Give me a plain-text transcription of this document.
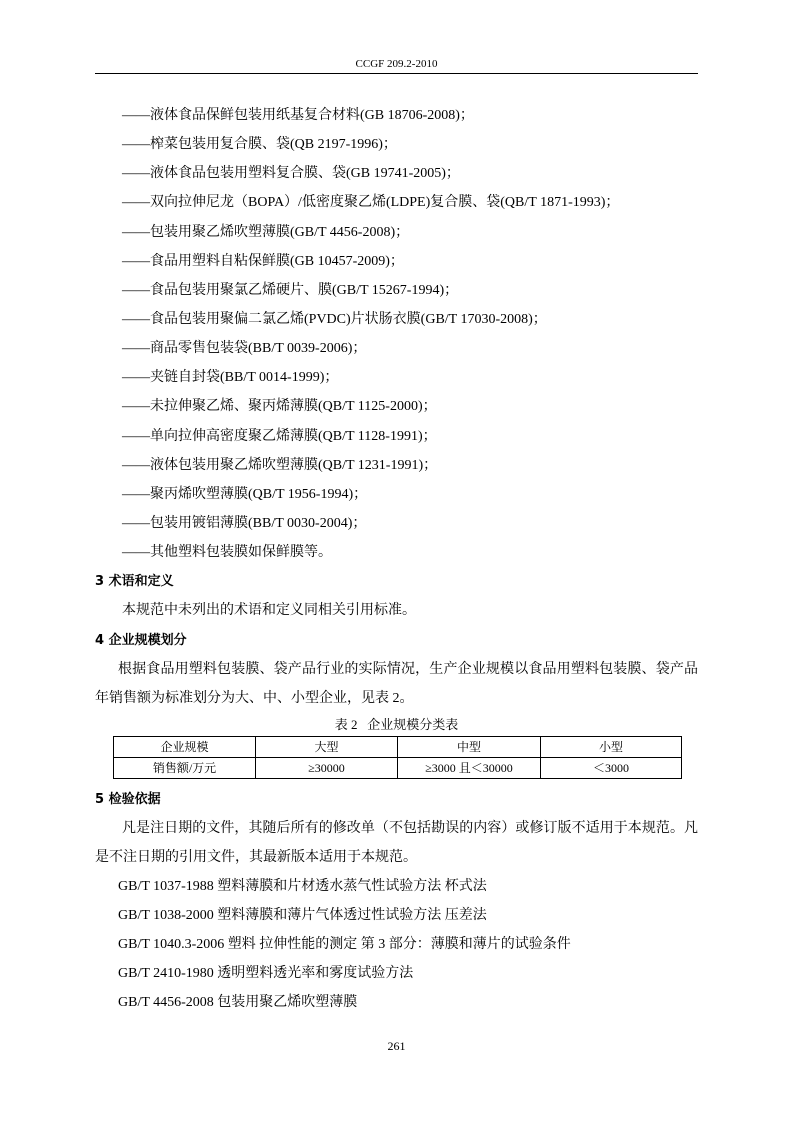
CCGF 209.2-2010
——液体食品保鲜包装用纸基复合材料(GB 18706-2008)；
——榨菜包装用复合膜、袋(QB 2197-1996)；
——液体食品包装用塑料复合膜、袋(GB 19741-2005)；
——双向拉伸尼龙（BOPA）/低密度聚乙烯(LDPE)复合膜、袋(QB/T 1871-1993)；
——包装用聚乙烯吹塑薄膜(GB/T 4456-2008)；
——食品用塑料自粘保鲜膜(GB 10457-2009)；
——食品包装用聚氯乙烯硬片、膜(GB/T 15267-1994)；
——食品包装用聚偏二氯乙烯(PVDC)片状肠衣膜(GB/T 17030-2008)；
——商品零售包装袋(BB/T 0039-2006)；
——夹链自封袋(BB/T 0014-1999)；
——未拉伸聚乙烯、聚丙烯薄膜(QB/T 1125-2000)；
——单向拉伸高密度聚乙烯薄膜(QB/T 1128-1991)；
——液体包装用聚乙烯吹塑薄膜(QB/T 1231-1991)；
——聚丙烯吹塑薄膜(QB/T 1956-1994)；
——包装用镀铝薄膜(BB/T 0030-2004)；
——其他塑料包装膜如保鲜膜等。
3 术语和定义
本规范中未列出的术语和定义同相关引用标准。
4 企业规模划分
根据食品用塑料包装膜、袋产品行业的实际情况，生产企业规模以食品用塑料包装膜、袋产品
年销售额为标准划分为大、中、小型企业，见表 2。
表 2   企业规模分类表
企业规模	大型	中型	小型
销售额/万元	≥30000	≥3000 且＜30000	＜3000
5 检验依据
凡是注日期的文件，其随后所有的修改单（不包括勘误的内容）或修订版不适用于本规范。凡
是不注日期的引用文件，其最新版本适用于本规范。
GB/T 1037-1988 塑料薄膜和片材透水蒸气性试验方法 杯式法
GB/T 1038-2000 塑料薄膜和薄片气体透过性试验方法 压差法
GB/T 1040.3-2006 塑料 拉伸性能的测定 第 3 部分：薄膜和薄片的试验条件
GB/T 2410-1980 透明塑料透光率和雾度试验方法
GB/T 4456-2008 包装用聚乙烯吹塑薄膜
261
